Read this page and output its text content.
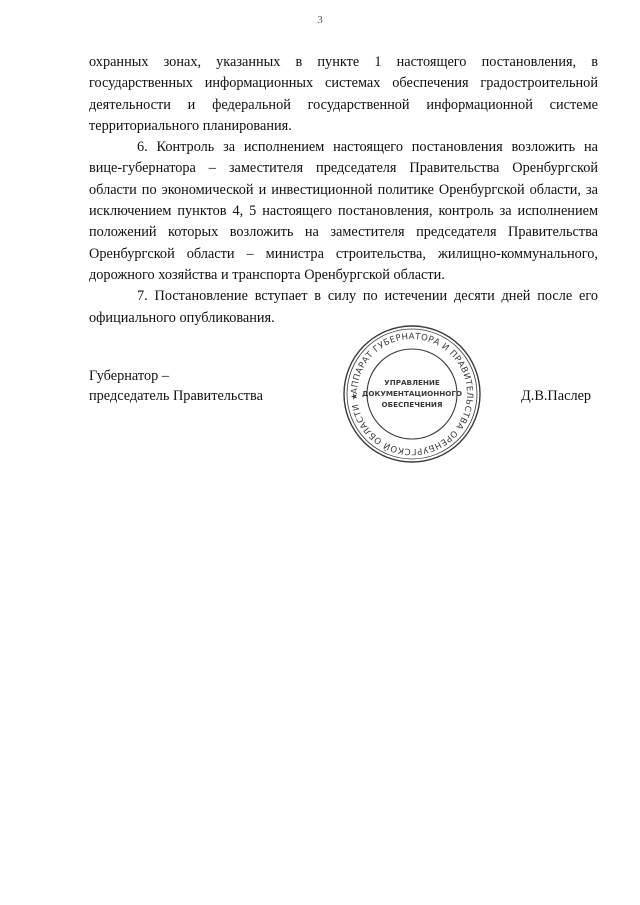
3

охранных зонах, указанных в пункте 1 настоящего постановления, в государственных информационных системах обеспечения градостроительной деятельности и федеральной государственной информационной системе территориального планирования.

6. Контроль за исполнением настоящего постановления возложить на вице-губернатора – заместителя председателя Правительства Оренбургской области по экономической и инвестиционной политике Оренбургской области, за исключением пунктов 4, 5 настоящего постановления, контроль за исполнением положений которых возложить на заместителя председателя Правительства Оренбургской области – министра строительства, жилищно-коммунального, дорожного хозяйства и транспорта Оренбургской области.

7. Постановление вступает в силу по истечении десяти дней после его официального опубликования.

Губернатор –
председатель Правительства	АППАРАТ ГУБЕРНАТОРА И ПРАВИТЕЛЬСТВА ОРЕНБУРГСКОЙ ОБЛАСТИ ★
УПРАВЛЕНИЕ
ДОКУМЕНТАЦИОННОГО
ОБЕСПЕЧЕНИЯ
Д.В.Паслер
